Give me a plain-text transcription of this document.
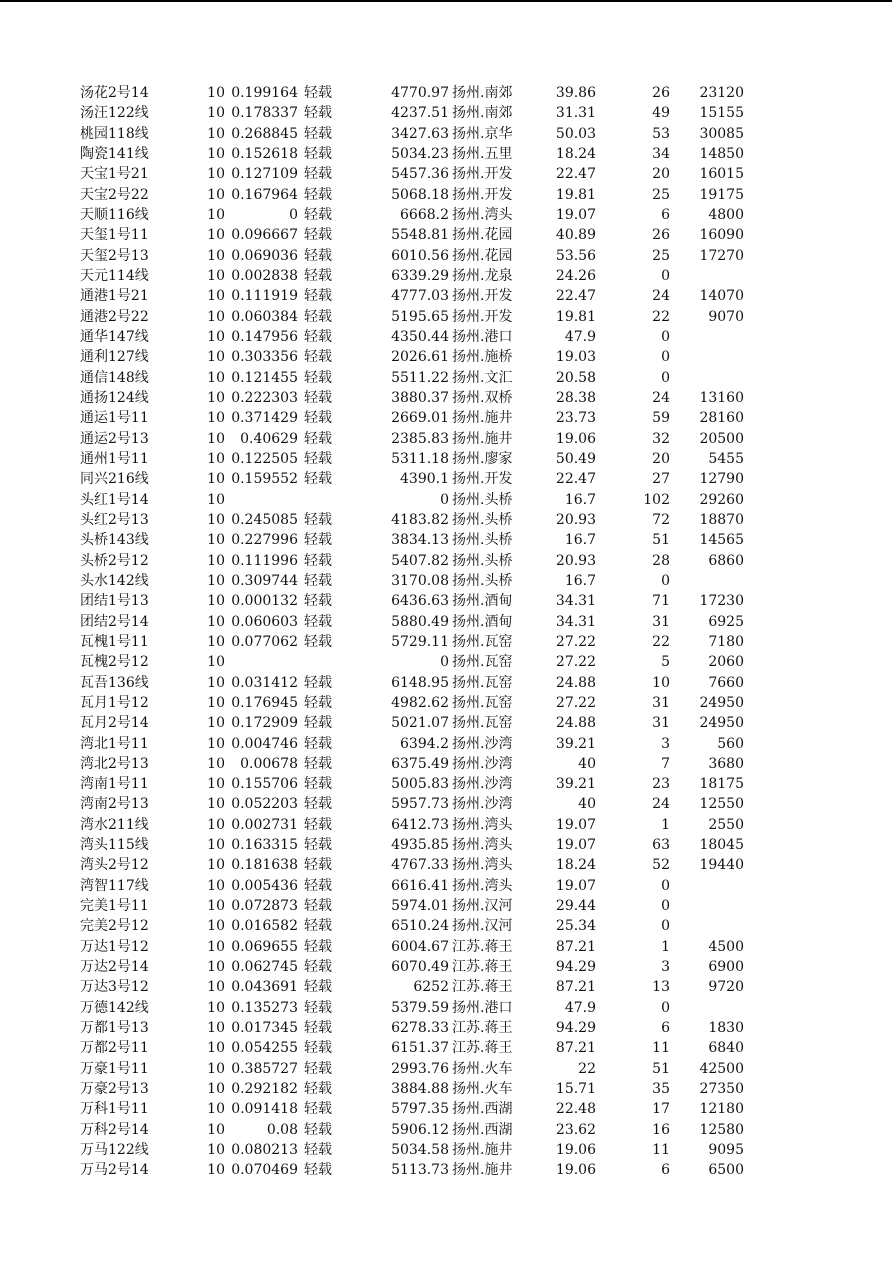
汤花2号14	10 0.199164 轻载	4770.97 扬州.南郊	39.86	26	23120
汤汪122线	10 0.178337 轻载	4237.51 扬州.南郊	31.31	49	15155
桃园118线	10 0.268845 轻载	3427.63 扬州.京华	50.03	53	30085
陶瓷141线	10 0.152618 轻载	5034.23 扬州.五里	18.24	34	14850
天宝1号21	10 0.127109 轻载	5457.36 扬州.开发	22.47	20	16015
天宝2号22	10 0.167964 轻载	5068.18 扬州.开发	19.81	25	19175
天顺116线	10	0 轻载	6668.2 扬州.湾头	19.07	6	4800
天玺1号11	10 0.096667 轻载	5548.81 扬州.花园	40.89	26	16090
天玺2号13	10 0.069036 轻载	6010.56 扬州.花园	53.56	25	17270
天元114线	10 0.002838 轻载	6339.29 扬州.龙泉	24.26	0
通港1号21	10 0.111919 轻载	4777.03 扬州.开发	22.47	24	14070
通港2号22	10 0.060384 轻载	5195.65 扬州.开发	19.81	22	9070
通华147线	10 0.147956 轻载	4350.44 扬州.港口	47.9	0
通利127线	10 0.303356 轻载	2026.61 扬州.施桥	19.03	0
通信148线	10 0.121455 轻载	5511.22 扬州.文汇	20.58	0
通扬124线	10 0.222303 轻载	3880.37 扬州.双桥	28.38	24	13160
通运1号11	10 0.371429 轻载	2669.01 扬州.施井	23.73	59	28160
通运2号13	10	0.40629 轻载	2385.83 扬州.施井	19.06	32	20500
通州1号11	10 0.122505 轻载	5311.18 扬州.廖家	50.49	20	5455
同兴216线	10 0.159552 轻载	4390.1 扬州.开发	22.47	27	12790
头红1号14	10	0 扬州.头桥	16.7	102	29260
头红2号13	10 0.245085 轻载	4183.82 扬州.头桥	20.93	72	18870
头桥143线	10 0.227996 轻载	3834.13 扬州.头桥	16.7	51	14565
头桥2号12	10 0.111996 轻载	5407.82 扬州.头桥	20.93	28	6860
头水142线	10 0.309744 轻载	3170.08 扬州.头桥	16.7	0
团结1号13	10 0.000132 轻载	6436.63 扬州.酒甸	34.31	71	17230
团结2号14	10 0.060603 轻载	5880.49 扬州.酒甸	34.31	31	6925
瓦槐1号11	10 0.077062 轻载	5729.11 扬州.瓦窑	27.22	22	7180
瓦槐2号12	10	0 扬州.瓦窑	27.22	5	2060
瓦吾136线	10 0.031412 轻载	6148.95 扬州.瓦窑	24.88	10	7660
瓦月1号12	10 0.176945 轻载	4982.62 扬州.瓦窑	27.22	31	24950
瓦月2号14	10 0.172909 轻载	5021.07 扬州.瓦窑	24.88	31	24950
湾北1号11	10 0.004746 轻载	6394.2 扬州.沙湾	39.21	3	560
湾北2号13	10	0.00678 轻载	6375.49 扬州.沙湾	40	7	3680
湾南1号11	10 0.155706 轻载	5005.83 扬州.沙湾	39.21	23	18175
湾南2号13	10 0.052203 轻载	5957.73 扬州.沙湾	40	24	12550
湾水211线	10 0.002731 轻载	6412.73 扬州.湾头	19.07	1	2550
湾头115线	10 0.163315 轻载	4935.85 扬州.湾头	19.07	63	18045
湾头2号12	10 0.181638 轻载	4767.33 扬州.湾头	18.24	52	19440
湾智117线	10 0.005436 轻载	6616.41 扬州.湾头	19.07	0
完美1号11	10 0.072873 轻载	5974.01 扬州.汉河	29.44	0
完美2号12	10 0.016582 轻载	6510.24 扬州.汉河	25.34	0
万达1号12	10 0.069655 轻载	6004.67 江苏.蒋王	87.21	1	4500
万达2号14	10 0.062745 轻载	6070.49 江苏.蒋王	94.29	3	6900
万达3号12	10 0.043691 轻载	6252 江苏.蒋王	87.21	13	9720
万德142线	10 0.135273 轻载	5379.59 扬州.港口	47.9	0
万都1号13	10 0.017345 轻载	6278.33 江苏.蒋王	94.29	6	1830
万都2号11	10 0.054255 轻载	6151.37 江苏.蒋王	87.21	11	6840
万豪1号11	10 0.385727 轻载	2993.76 扬州.火车	22	51	42500
万豪2号13	10 0.292182 轻载	3884.88 扬州.火车	15.71	35	27350
万科1号11	10 0.091418 轻载	5797.35 扬州.西湖	22.48	17	12180
万科2号14	10	0.08 轻载	5906.12 扬州.西湖	23.62	16	12580
万马122线	10 0.080213 轻载	5034.58 扬州.施井	19.06	11	9095
万马2号14	10 0.070469 轻载	5113.73 扬州.施井	19.06	6	6500
